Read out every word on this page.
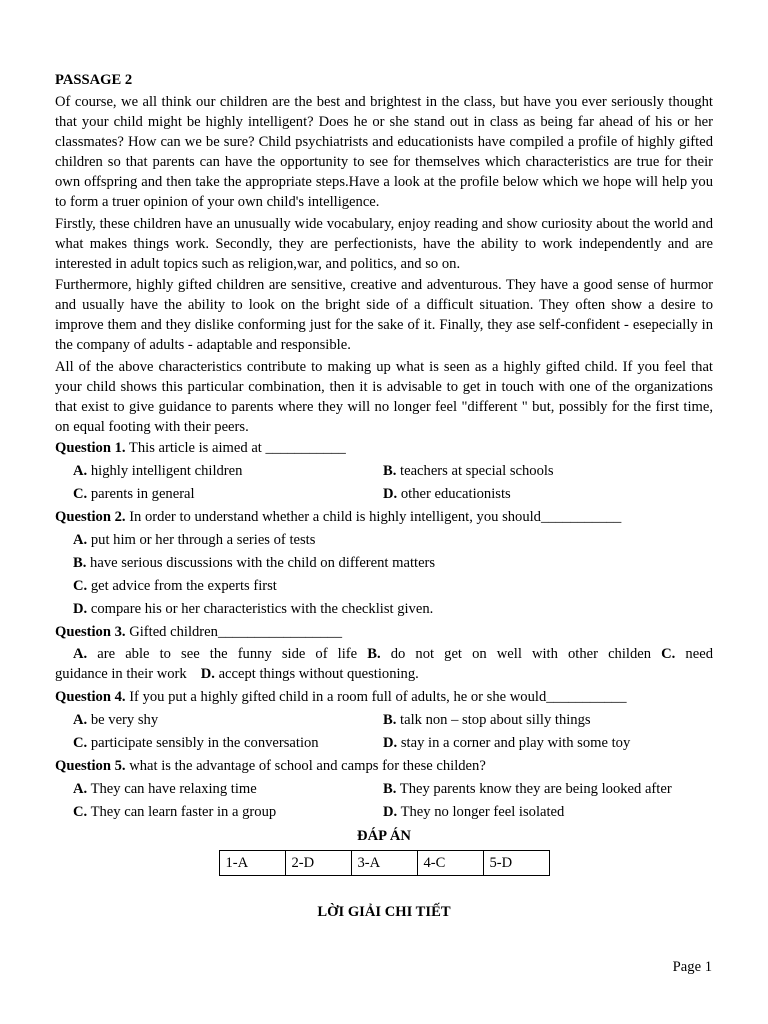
PASSAGE 2

Of course, we all think our children are the best and brightest in the class, but have you ever seriously thought that your child might be highly intelligent? Does he or she stand out in class as being far ahead of his or her classmates? How can we be sure? Child psychiatrists and educationists have compiled a profile of highly gifted children so that parents can have the opportunity to see for themselves which characteristics are true for their own offspring and then take the appropriate steps.Have a look at the profile below which we hope will help you to form a truer opinion of your own child's intelligence.

Firstly, these children have an unusually wide vocabulary, enjoy reading and show curiosity about the world and what makes things work. Secondly, they are perfectionists, have the ability to work independently and are interested in adult topics such as religion,war, and politics, and so on.

Furthermore, highly gifted children are sensitive, creative and adventurous. They have a good sense of hurmor and usually have the ability to look on the bright side of a difficult situation. They often show a desire to improve them and they dislike conforming just for the sake of it. Finally, they ase self-confident - esepecially in the company of adults - adaptable and responsible.

All of the above characteristics contribute to making up what is seen as a highly gifted child. If you feel that your child shows this particular combination, then it is advisable to get in touch with one of the organizations that exist to give guidance to parents where they will no longer feel "different " but, possibly for the first time, on equal footing with their peers.

Question 1. This article is aimed at ___________
A. highly intelligent children	B. teachers at special schools
C. parents in general	D. other educationists
Question 2. In order to understand whether a child is highly intelligent, you should___________
A. put him or her through a series of tests
B. have serious discussions with the child on different matters
C. get advice from the experts first
D. compare his or her characteristics with the checklist given.
Question 3. Gifted children_________________
A. are able to see the funny side of life B. do not get on well with other childen C. need
guidance in their work D. accept things without questioning.
Question 4. If you put a highly gifted child in a room full of adults, he or she would___________
A. be very shy	B. talk non – stop about silly things
C. participate sensibly in the conversation	D. stay in a corner and play with some toy
Question 5. what is the advantage of school and camps for these childen?
A. They can have relaxing time	B. They parents know they are being looked after
C. They can learn faster in a group	D. They no longer feel isolated
ĐÁP ÁN
1-A	2-D	3-A	4-C	5-D
LỜI GIẢI CHI TIẾT
Page 1
